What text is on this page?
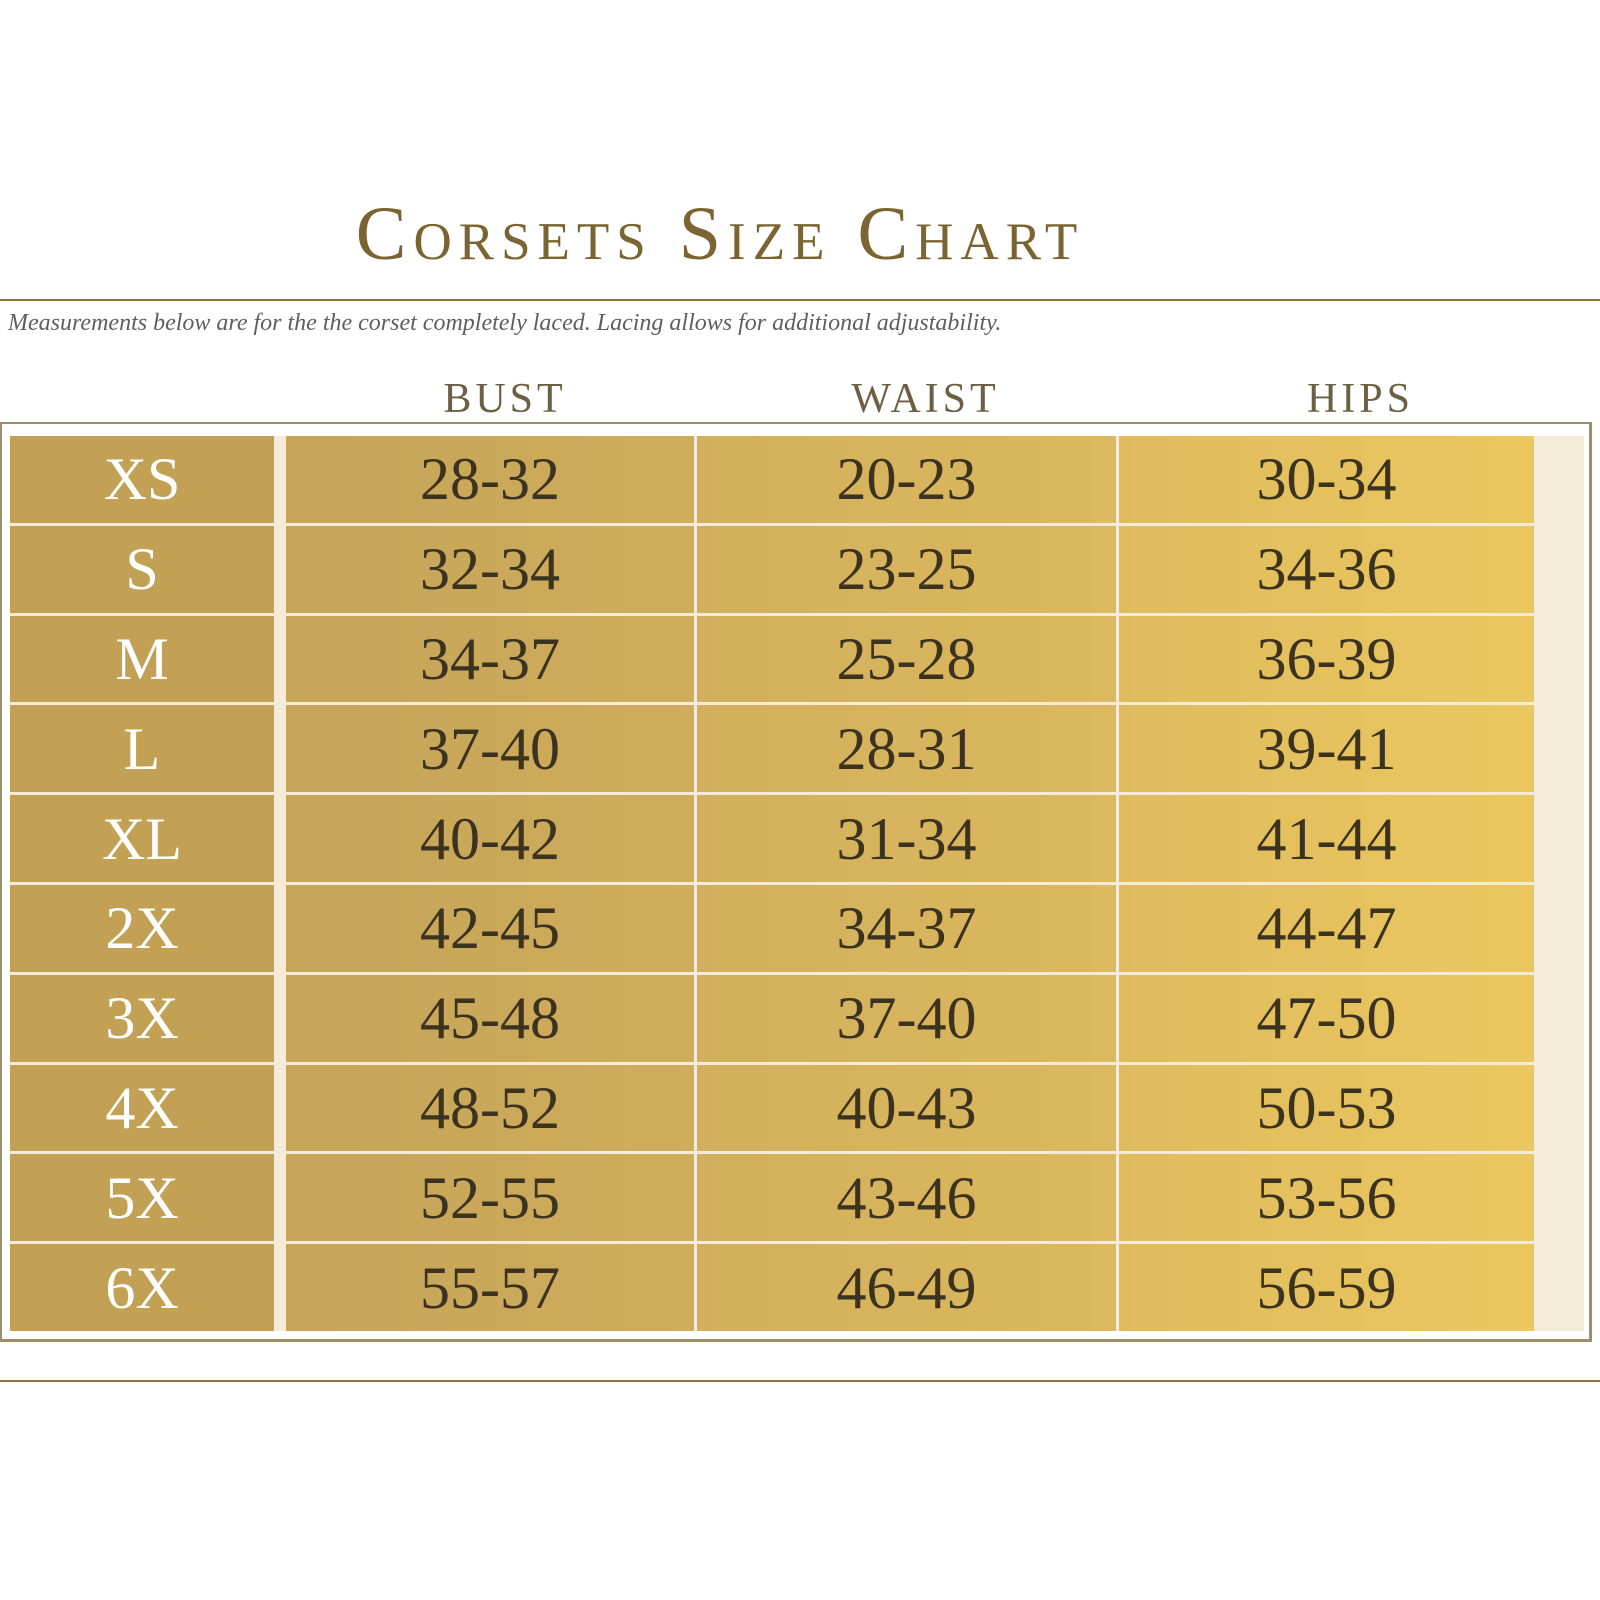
Corsets Size Chart
Measurements below are for the the corset completely laced. Lacing allows for additional adjustability.
BUST	WAIST	HIPS
XS	28-32	20-23	30-34
S	32-34	23-25	34-36
M	34-37	25-28	36-39
L	37-40	28-31	39-41
XL	40-42	31-34	41-44
2X	42-45	34-37	44-47
3X	45-48	37-40	47-50
4X	48-52	40-43	50-53
5X	52-55	43-46	53-56
6X	55-57	46-49	56-59
